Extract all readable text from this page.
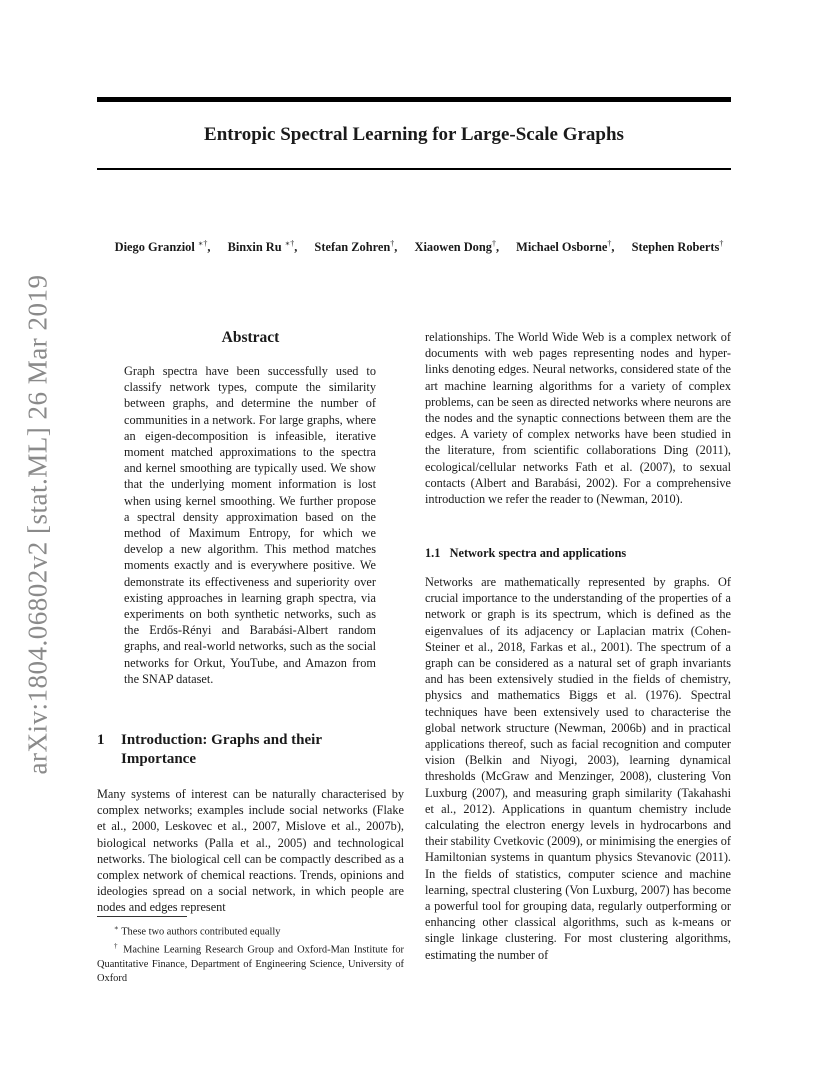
Entropic Spectral Learning for Large-Scale Graphs
Diego Granziol ∗†, Binxin Ru ∗†, Stefan Zohren†, Xiaowen Dong†, Michael Osborne†, Stephen Roberts†
arXiv:1804.06802v2 [stat.ML] 26 Mar 2019	Abstract

Graph spectra have been successfully used to classify network types, compute the similarity between graphs, and determine the number of communities in a network. For large graphs, where an eigen-decomposition is infeasible, iterative moment matched approximations to the spectra and kernel smoothing are typically used. We show that the underlying moment information is lost when using kernel smoothing. We further propose a spectral density approximation based on the method of Maximum Entropy, for which we develop a new algorithm. This method matches moments exactly and is everywhere positive. We demonstrate its effectiveness and superiority over existing approaches in learning graph spectra, via experiments on both synthetic networks, such as the Erdős-Rényi and Barabási-Albert random graphs, and real-world networks, such as the social networks for Orkut, YouTube, and Amazon from the SNAP dataset.

1 Introduction: Graphs and their Importance

Many systems of interest can be naturally characterised by complex networks; examples include social networks (Flake et al., 2000, Leskovec et al., 2007, Mislove et al., 2007b), biological networks (Palla et al., 2005) and technological networks. The biological cell can be compactly described as a complex network of chemical reactions. Trends, opinions and ideologies spread on a social network, in which people are nodes and edges represent

∗ These two authors contributed equally

† Machine Learning Research Group and Oxford-Man Institute for Quantitative Finance, Department of Engineering Science, University of Oxford

relationships. The World Wide Web is a complex network of documents with web pages representing nodes and hyper-links denoting edges. Neural networks, considered state of the art machine learning algorithms for a variety of complex problems, can be seen as directed networks where neurons are the nodes and the synaptic connections between them are the edges. A variety of complex networks have been studied in the literature, from scientific collaborations Ding (2011), ecological/cellular networks Fath et al. (2007), to sexual contacts (Albert and Barabási, 2002). For a comprehensive introduction we refer the reader to (Newman, 2010).

1.1 Network spectra and applications

Networks are mathematically represented by graphs. Of crucial importance to the understanding of the properties of a network or graph is its spectrum, which is defined as the eigenvalues of its adjacency or Laplacian matrix (Cohen-Steiner et al., 2018, Farkas et al., 2001). The spectrum of a graph can be considered as a natural set of graph invariants and has been extensively studied in the fields of chemistry, physics and mathematics Biggs et al. (1976). Spectral techniques have been extensively used to characterise the global network structure (Newman, 2006b) and in practical applications thereof, such as facial recognition and computer vision (Belkin and Niyogi, 2003), learning dynamical thresholds (McGraw and Menzinger, 2008), clustering Von Luxburg (2007), and measuring graph similarity (Takahashi et al., 2012). Applications in quantum chemistry include calculating the electron energy levels in hydrocarbons and their stability Cvetkovic (2009), or minimising the energies of Hamiltonian systems in quantum physics Stevanovic (2011). In the fields of statistics, computer science and machine learning, spectral clustering (Von Luxburg, 2007) has become a powerful tool for grouping data, regularly outperforming or enhancing other classical algorithms, such as k-means or single linkage clustering. For most clustering algorithms, estimating the number of
